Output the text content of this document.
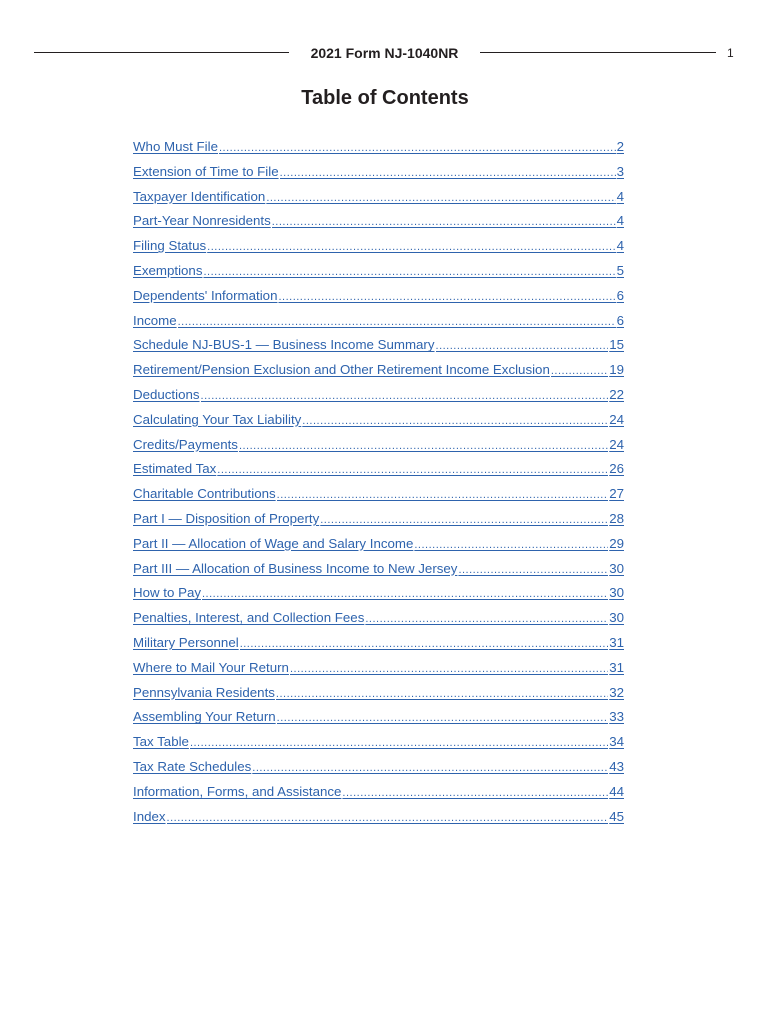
2021 Form NJ-1040NR	1
Table of Contents
Who Must File .....	2
Extension of Time to File .....	3
Taxpayer Identification .....	4
Part-Year Nonresidents .....	4
Filing Status .....	4
Exemptions .....	5
Dependents' Information .....	6
Income .....	6
Schedule NJ-BUS-1 — Business Income Summary .....	15
Retirement/Pension Exclusion and Other Retirement Income Exclusion .....	19
Deductions .....	22
Calculating Your Tax Liability .....	24
Credits/Payments .....	24
Estimated Tax .....	26
Charitable Contributions .....	27
Part I — Disposition of Property .....	28
Part II — Allocation of Wage and Salary Income .....	29
Part III — Allocation of Business Income to New Jersey .....	30
How to Pay .....	30
Penalties, Interest, and Collection Fees .....	30
Military Personnel .....	31
Where to Mail Your Return .....	31
Pennsylvania Residents .....	32
Assembling Your Return .....	33
Tax Table .....	34
Tax Rate Schedules .....	43
Information, Forms, and Assistance .....	44
Index .....	45
